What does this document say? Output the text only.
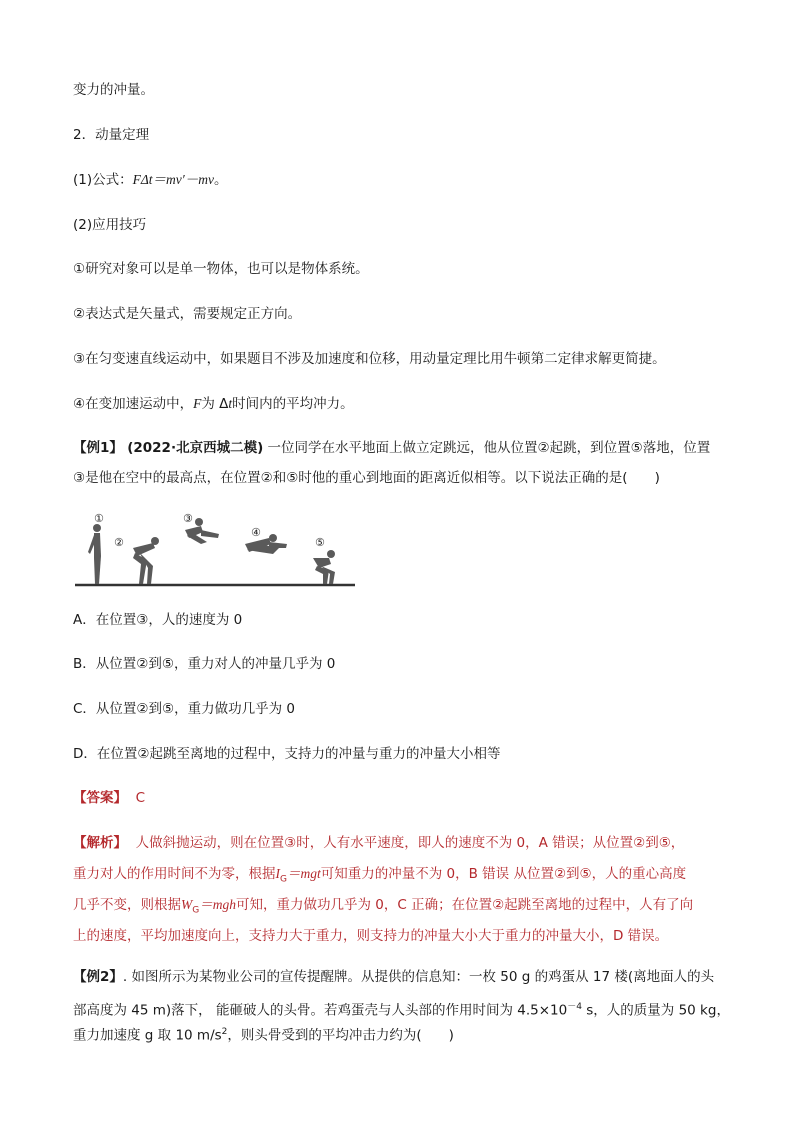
变力的冲量。
2．动量定理
(1)公式：FΔt＝mv′－mv。
(2)应用技巧
①研究对象可以是单一物体，也可以是物体系统。
②表达式是矢量式，需要规定正方向。
③在匀变速直线运动中，如果题目不涉及加速度和位移，用动量定理比用牛顿第二定律求解更简捷。
④在变加速运动中，F为 Δt时间内的平均冲力。
【例1】 (2022·北京西城二模) 一位同学在水平地面上做立定跳远，他从位置②起跳，到位置⑤落地，位置
③是他在空中的最高点，在位置②和⑤时他的重心到地面的距离近似相等。以下说法正确的是(　　)
①
②
③
④
⑤
A．在位置③，人的速度为 0
B．从位置②到⑤，重力对人的冲量几乎为 0
C．从位置②到⑤，重力做功几乎为 0
D．在位置②起跳至离地的过程中，支持力的冲量与重力的冲量大小相等
【答案】 C
【解析】 人做斜抛运动，则在位置③时，人有水平速度，即人的速度不为 0，A 错误；从位置②到⑤，
重力对人的作用时间不为零，根据$I_G=mgt$可知重力的冲量不为 0，B 错误 从位置②到⑤，人的重心高度
几乎不变，则根据$W_G=mgh$可知，重力做功几乎为 0，C 正确；在位置②起跳至离地的过程中，人有了向
上的速度，平均加速度向上，支持力大于重力，则支持力的冲量大小大于重力的冲量大小，D 错误。
【例2】. 如图所示为某物业公司的宣传提醒牌。从提供的信息知：一枚 50 g 的鸡蛋从 17 楼(离地面人的头
部高度为 45 m)落下， 能砸破人的头骨。若鸡蛋壳与人头部的作用时间为 $4.5\times 10^{-4}$ s，人的质量为 50 kg，
重力加速度 g 取 10 $m/s^2$，则头骨受到的平均冲击力约为(　　)
